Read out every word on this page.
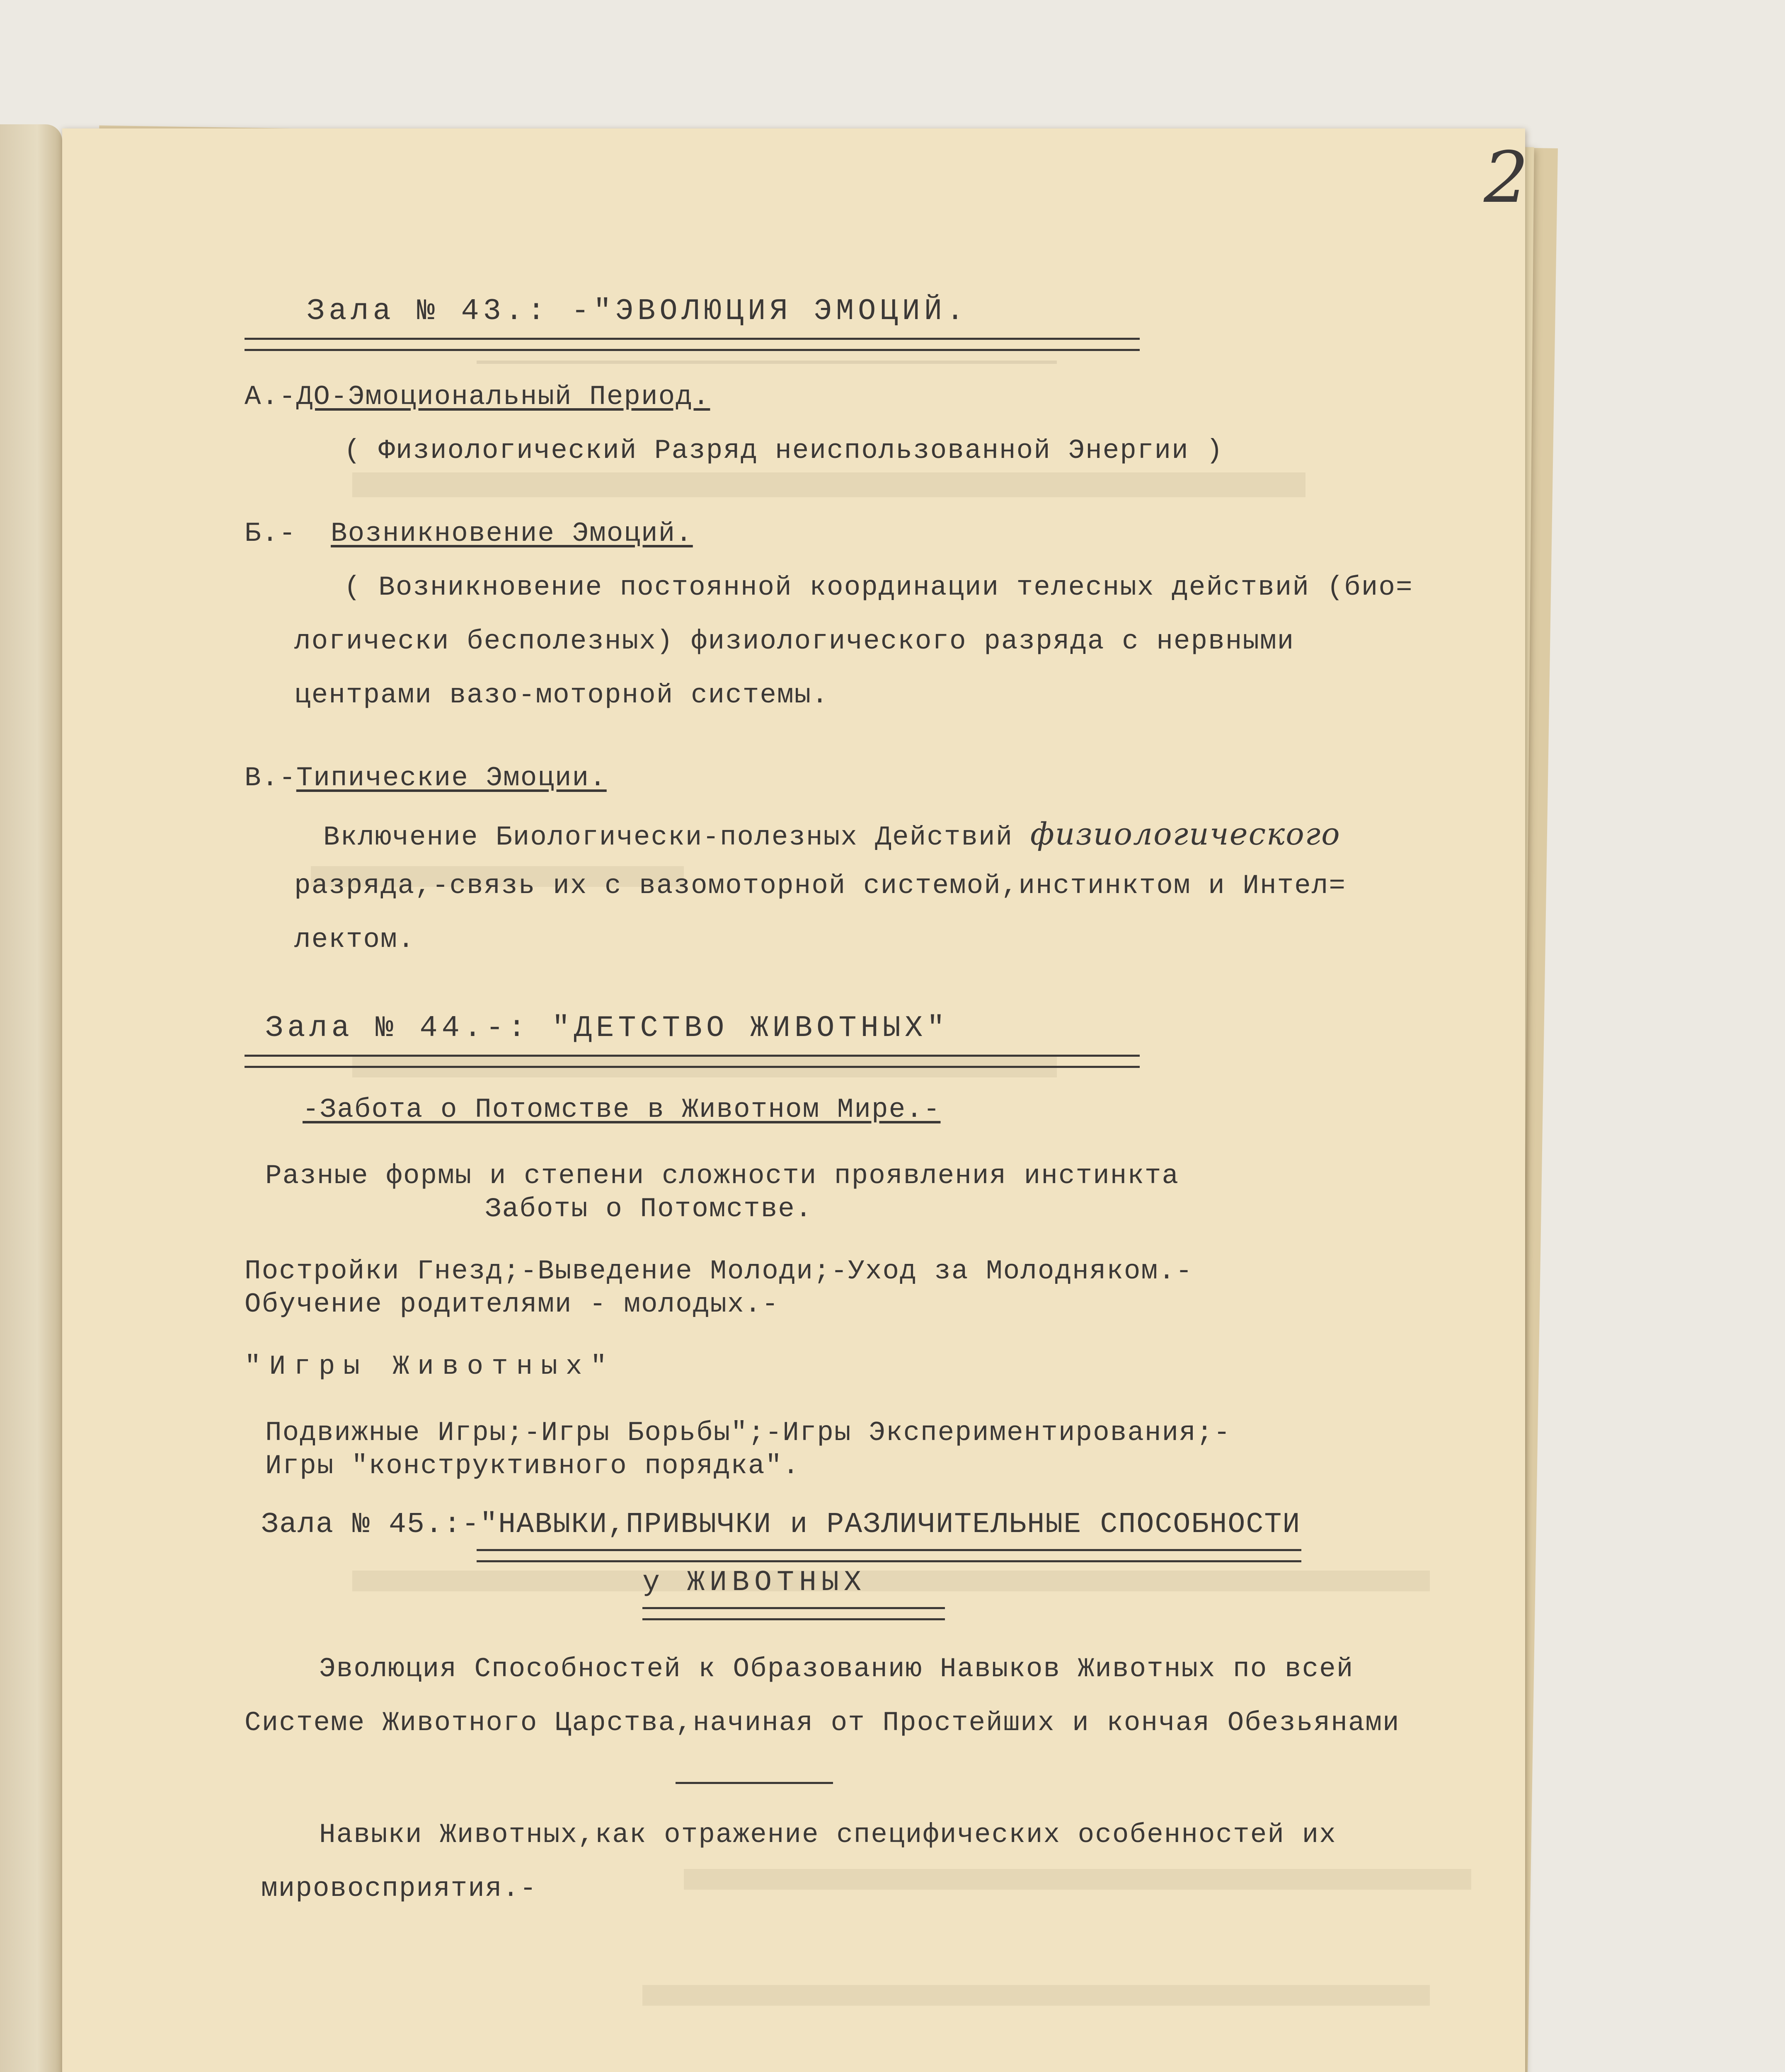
2
Зала № 43.: -"ЭВОЛЮЦИЯ ЭМОЦИЙ.
А.-ДО-Эмоциональный Период.
( Физиологический Разряд неиспользованной Энергии )
Б.- Возникновение Эмоций.
( Возникновение постоянной координации телесных действий (био=
логически бесполезных) физиологического разряда с нервными
центрами вазо-моторной системы.
В.-Типические Эмоции.
Включение Биологически-полезных Действий физиологического
разряда,-связь их с вазомоторной системой,инстинктом и Интел=
лектом.
Зала № 44.-: "ДЕТСТВО ЖИВОТНЫХ"
-Забота о Потомстве в Животном Мире.-
Разные формы и степени сложности проявления инстинкта
Заботы о Потомстве.
Постройки Гнезд;-Выведение Молоди;-Уход за Молодняком.-
Обучение родителями - молодых.-
"Игры Животных"
Подвижные Игры;-Игры Борьбы";-Игры Экспериментирования;-
Игры "конструктивного порядка".
Зала № 45.:-"НАВЫКИ,ПРИВЫЧКИ и РАЗЛИЧИТЕЛЬНЫЕ СПОСОБНОСТИ
у ЖИВОТНЫХ
Эволюция Способностей к Образованию Навыков Животных по всей
Системе Животного Царства,начиная от Простейших и кончая Обезьянами
Навыки Животных,как отражение специфических особенностей их
мировосприятия.-
